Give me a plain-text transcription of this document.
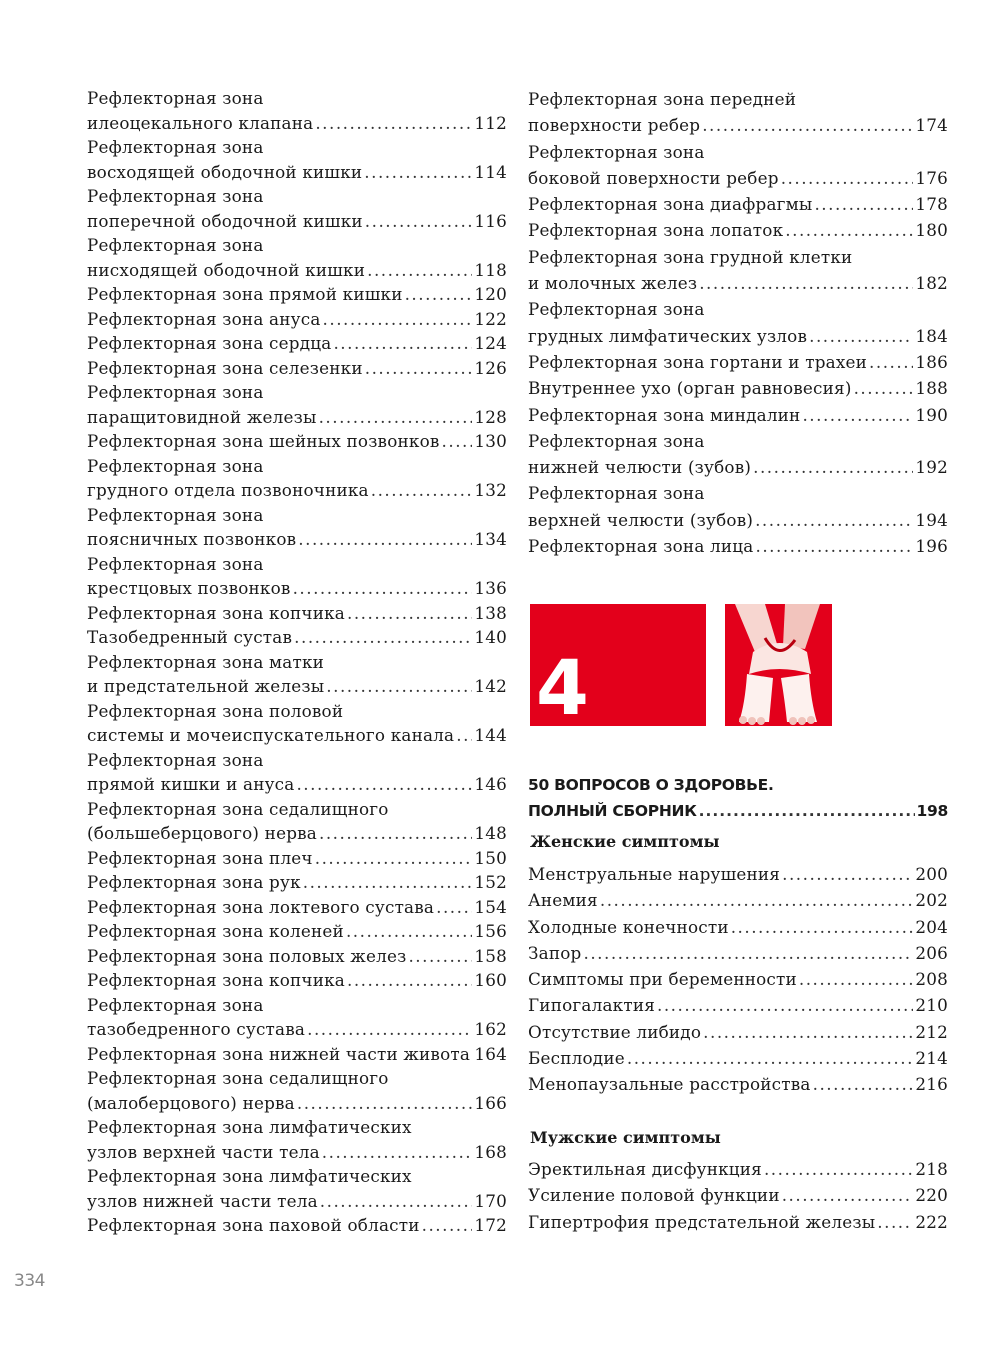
Рефлекторная зона
илеоцекального клапана .....	112
Рефлекторная зона
восходящей ободочной кишки .....	114
Рефлекторная зона
поперечной ободочной кишки .....	116
Рефлекторная зона
нисходящей ободочной кишки .....	118
Рефлекторная зона прямой кишки .....	120
Рефлекторная зона ануса .....	122
Рефлекторная зона сердца .....	124
Рефлекторная зона селезенки .....	126
Рефлекторная зона
паращитовидной железы .....	128
Рефлекторная зона шейных позвонков ..... 130
Рефлекторная зона
грудного отдела позвоночника .....	132
Рефлекторная зона
поясничных позвонков .....	134
Рефлекторная зона
крестцовых позвонков .....	136
Рефлекторная зона копчика .....	138
Тазобедренный сустав .....	140
Рефлекторная зона матки
и предстательной железы .....	142
Рефлекторная зона половой
системы и мочеиспускательного канала ..... 144
Рефлекторная зона
прямой кишки и ануса .....	146
Рефлекторная зона седалищного
(большеберцового) нерва .....	148
Рефлекторная зона плеч .....	150
Рефлекторная зона рук .....	152
Рефлекторная зона локтевого сустава ..... 154
Рефлекторная зона коленей .....	156
Рефлекторная зона половых желез .....	158
Рефлекторная зона копчика .....	160
Рефлекторная зона
тазобедренного сустава .....	162
Рефлекторная зона нижней части живота ..... 164
Рефлекторная зона седалищного
(малоберцового) нерва .....	166
Рефлекторная зона лимфатических
узлов верхней части тела .....	168
Рефлекторная зона лимфатических
узлов нижней части тела .....	170
Рефлекторная зона паховой области .....	172
Рефлекторная зона передней
поверхности ребер .....	174
Рефлекторная зона
боковой поверхности ребер .....	176
Рефлекторная зона диафрагмы .....	178
Рефлекторная зона лопаток .....	180
Рефлекторная зона грудной клетки
и молочных желез .....	182
Рефлекторная зона
грудных лимфатических узлов .....	184
Рефлекторная зона гортани и трахеи .....	186
Внутреннее ухо (орган равновесия) .....	188
Рефлекторная зона миндалин .....	190
Рефлекторная зона
нижней челюсти (зубов) .....	192
Рефлекторная зона
верхней челюсти (зубов) .....	194
Рефлекторная зона лица .....	196
4
50 ВОПРОСОВ О ЗДОРОВЬЕ.
ПОЛНЫЙ СБОРНИК .....	198
Женские симптомы
Менструальные нарушения .....	200
Анемия .....	202
Холодные конечности .....	204
Запор .....	206
Симптомы при беременности .....	208
Гипогалактия .....	210
Отсутствие либидо .....	212
Бесплодие .....	214
Менопаузальные расстройства .....	216
Мужские симптомы
Эректильная дисфункция .....	218
Усиление половой функции .....	220
Гипертрофия предстательной железы ..... 222
334
